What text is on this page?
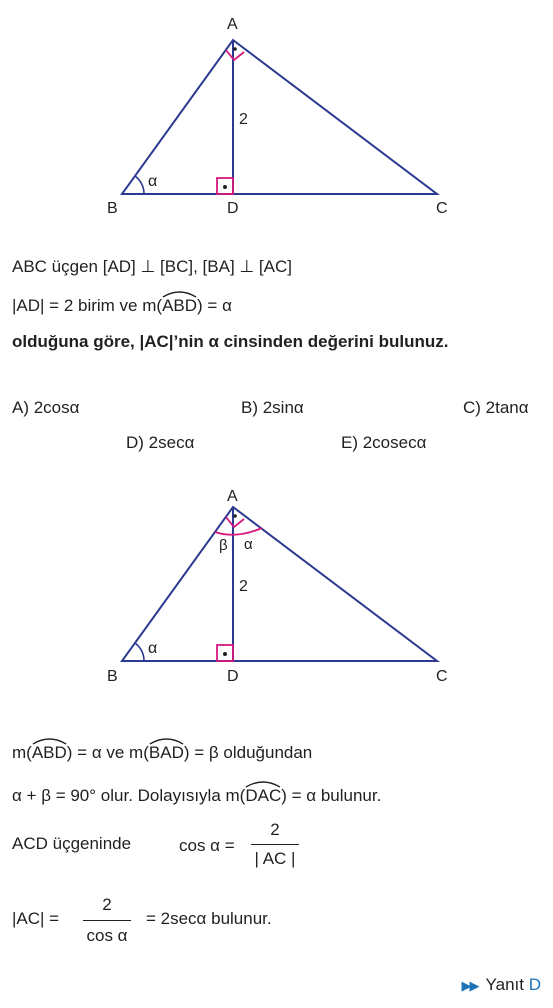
A
B	D	C
α
2
ABC üçgen [AD] ⊥ [BC], [BA] ⊥ [AC]
|AD| = 2 birim ve m(
ABD) = α
olduğuna göre, |AC|’nin α cinsinden değerini bulunuz.
A) 2cosα	B) 2sinα	C) 2tanα
D) 2secα	E) 2cosecα
A
B	D	C
α
β α
2
m(
ABD) = α ve m(
BAD) = β olduğundan
α + β = 90° olur. Dolayısıyla m(
DAC) = α bulunur.
ACD üçgeninde	cos α =
2
| AC |
|AC| =
2
cos α
= 2secα bulunur.
▶▶ Yanıt D
